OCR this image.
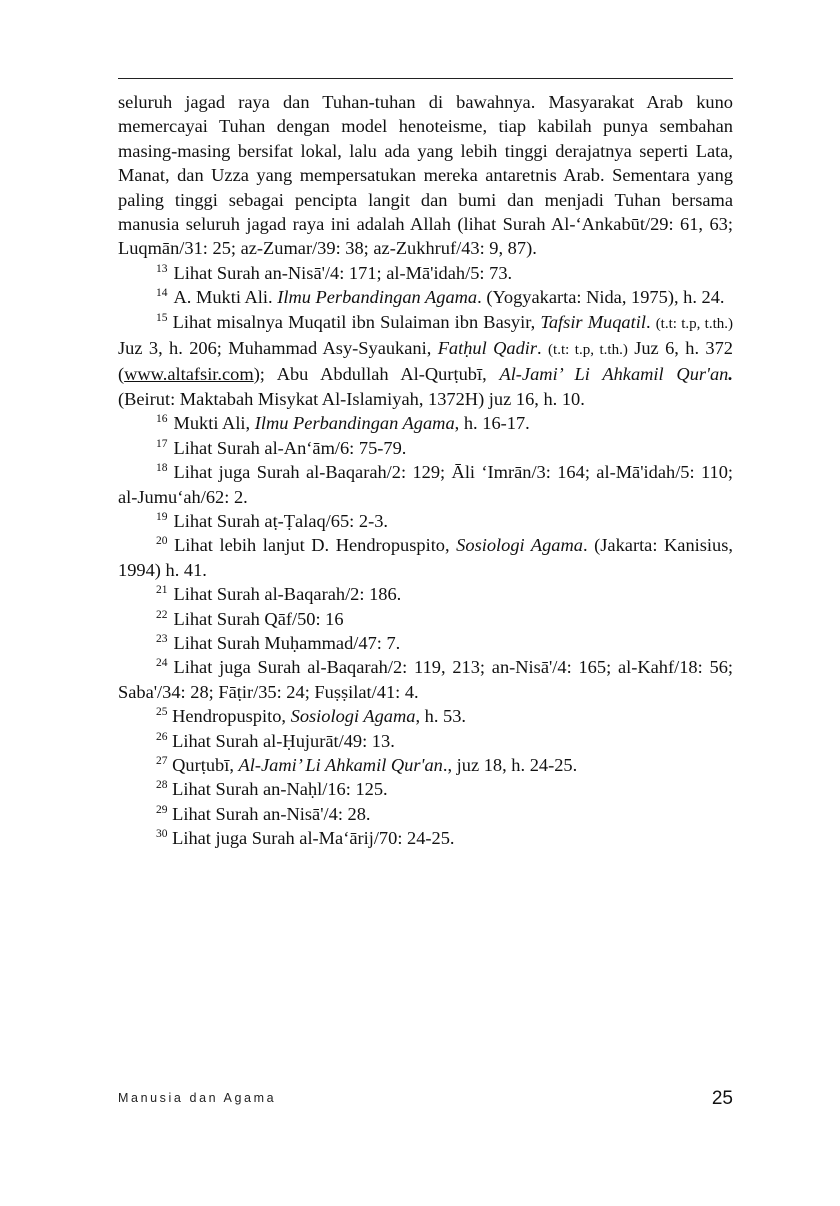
seluruh jagad raya dan Tuhan-tuhan di bawahnya. Masyarakat Arab kuno memercayai Tuhan dengan model henoteisme, tiap kabilah punya sembahan masing-masing bersifat lokal, lalu ada yang lebih tinggi derajatnya seperti Lata, Manat, dan Uzza yang mempersatukan mereka antaretnis Arab. Sementara yang paling tinggi sebagai pencipta langit dan bumi dan menjadi Tuhan bersama manusia seluruh jagad raya ini adalah Allah (lihat Surah Al-‘Ankabūt/29: 61, 63; Luqmān/31: 25; az-Zumar/39: 38; az-Zukhruf/43: 9, 87).

$^{13}$ Lihat Surah an-Nisā'/4: 171; al-Mā'idah/5: 73.

$^{14}$ A. Mukti Ali. Ilmu Perbandingan Agama. (Yogyakarta: Nida, 1975), h. 24.

$^{15}$ Lihat misalnya Muqatil ibn Sulaiman ibn Basyir, Tafsir Muqatil. (t.t: t.p, t.th.) Juz 3, h. 206; Muhammad Asy-Syaukani, Fatḥul Qadir. (t.t: t.p, t.th.) Juz 6, h. 372 (www.altafsir.com); Abu Abdullah Al-Qurṭubī, Al-Jami’ Li Ahkamil Qur'an. (Beirut: Maktabah Misykat Al-Islamiyah, 1372H) juz 16, h. 10.

$^{16}$ Mukti Ali, Ilmu Perbandingan Agama, h. 16-17.

$^{17}$ Lihat Surah al-An‘ām/6: 75-79.

$^{18}$ Lihat juga Surah al-Baqarah/2: 129; Āli ‘Imrān/3: 164; al-Mā'idah/5: 110; al-Jumu‘ah/62: 2.

$^{19}$ Lihat Surah aṭ-Ṭalaq/65: 2-3.

$^{20}$ Lihat lebih lanjut D. Hendropuspito, Sosiologi Agama. (Jakarta: Kanisius, 1994) h. 41.

$^{21}$ Lihat Surah al-Baqarah/2: 186.

$^{22}$ Lihat Surah Qāf/50: 16

$^{23}$ Lihat Surah Muḥammad/47: 7.

$^{24}$ Lihat juga Surah al-Baqarah/2: 119, 213; an-Nisā'/4: 165; al-Kahf/18: 56; Saba'/34: 28; Fāṭir/35: 24; Fuṣṣilat/41: 4.

$^{25}$ Hendropuspito, Sosiologi Agama, h. 53.

$^{26}$ Lihat Surah al-Ḥujurāt/49: 13.

$^{27}$ Qurṭubī, Al-Jami’ Li Ahkamil Qur'an., juz 18, h. 24-25.

$^{28}$ Lihat Surah an-Naḥl/16: 125.

$^{29}$ Lihat Surah an-Nisā'/4: 28.

$^{30}$ Lihat juga Surah al-Ma‘ārij/70: 24-25.

Manusia dan Agama	25
